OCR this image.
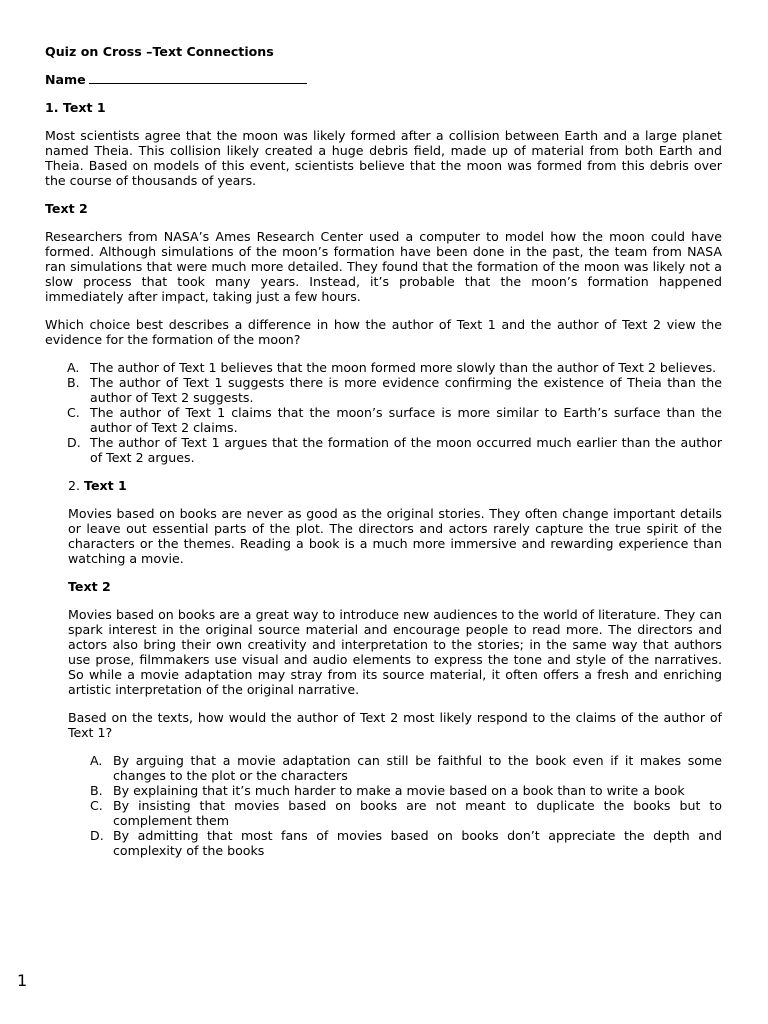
Quiz on Cross –Text Connections

Name

1. Text 1

Most scientists agree that the moon was likely formed after a collision between Earth and a large planet named Theia. This collision likely created a huge debris field, made up of material from both Earth and Theia. Based on models of this event, scientists believe that the moon was formed from this debris over the course of thousands of years.

Text 2

Researchers from NASA’s Ames Research Center used a computer to model how the moon could have formed. Although simulations of the moon’s formation have been done in the past, the team from NASA ran simulations that were much more detailed. They found that the formation of the moon was likely not a slow process that took many years. Instead, it’s probable that the moon’s formation happened immediately after impact, taking just a few hours.

Which choice best describes a difference in how the author of Text 1 and the author of Text 2 view the evidence for the formation of the moon?

A. The author of Text 1 believes that the moon formed more slowly than the author of Text 2 believes.
B. The author of Text 1 suggests there is more evidence confirming the existence of Theia than the author of Text 2 suggests.
C. The author of Text 1 claims that the moon’s surface is more similar to Earth’s surface than the author of Text 2 claims.
D. The author of Text 1 argues that the formation of the moon occurred much earlier than the author of Text 2 argues.

2. Text 1

Movies based on books are never as good as the original stories. They often change important details or leave out essential parts of the plot. The directors and actors rarely capture the true spirit of the characters or the themes. Reading a book is a much more immersive and rewarding experience than watching a movie.

Text 2

Movies based on books are a great way to introduce new audiences to the world of literature. They can spark interest in the original source material and encourage people to read more. The directors and actors also bring their own creativity and interpretation to the stories; in the same way that authors use prose, filmmakers use visual and audio elements to express the tone and style of the narratives. So while a movie adaptation may stray from its source material, it often offers a fresh and enriching artistic interpretation of the original narrative.

Based on the texts, how would the author of Text 2 most likely respond to the claims of the author of Text 1?

A. By arguing that a movie adaptation can still be faithful to the book even if it makes some changes to the plot or the characters
B. By explaining that it’s much harder to make a movie based on a book than to write a book
C. By insisting that movies based on books are not meant to duplicate the books but to complement them
D. By admitting that most fans of movies based on books don’t appreciate the depth and complexity of the books
1
